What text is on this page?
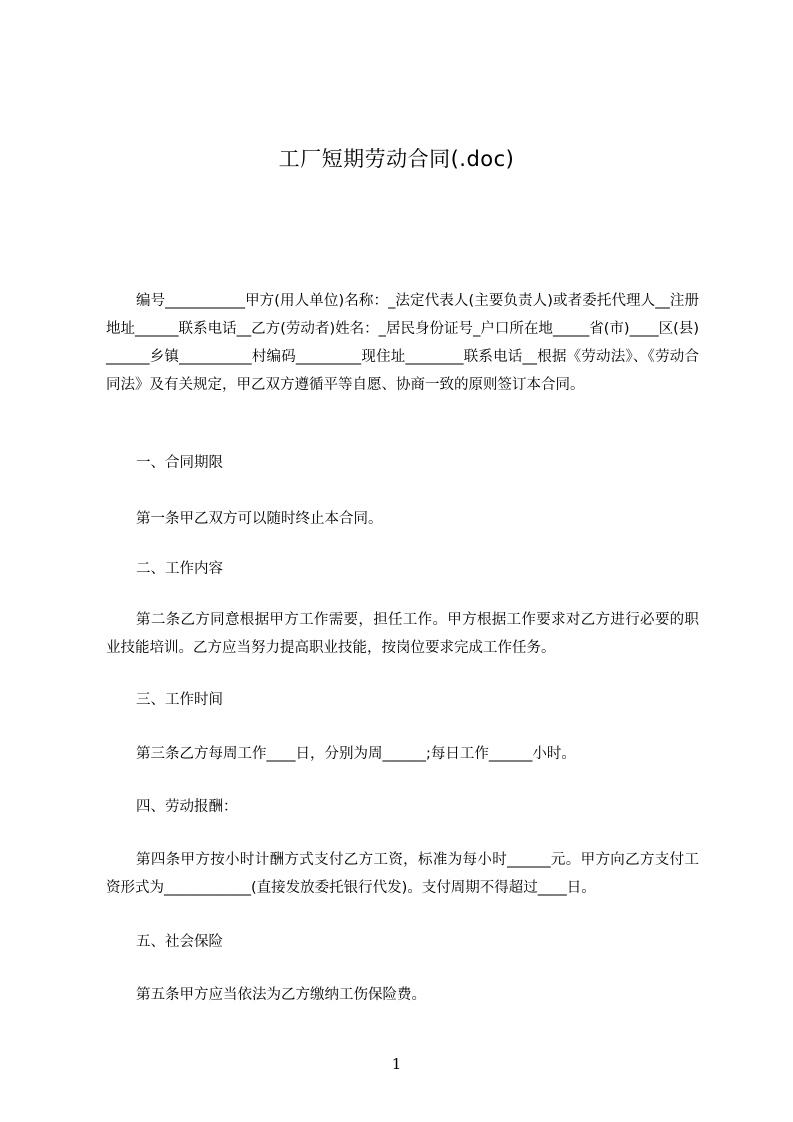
工厂短期劳动合同(.doc)
编号___________甲方(用人单位)名称：_法定代表人(主要负责人)或者委托代理人__注册地址______联系电话__乙方(劳动者)姓名：_居民身份证号_户口所在地_____省(市)____区(县)______乡镇__________村编码_________现住址________联系电话__根据《劳动法》、《劳动合同法》及有关规定，甲乙双方遵循平等自愿、协商一致的原则签订本合同。
一、合同期限
第一条甲乙双方可以随时终止本合同。
二、工作内容
第二条乙方同意根据甲方工作需要，担任工作。甲方根据工作要求对乙方进行必要的职业技能培训。乙方应当努力提高职业技能，按岗位要求完成工作任务。
三、工作时间
第三条乙方每周工作____日，分别为周______;每日工作______小时。
四、劳动报酬：
第四条甲方按小时计酬方式支付乙方工资，标准为每小时______元。甲方向乙方支付工资形式为____________(直接发放委托银行代发)。支付周期不得超过____日。
五、社会保险
第五条甲方应当依法为乙方缴纳工伤保险费。
1
